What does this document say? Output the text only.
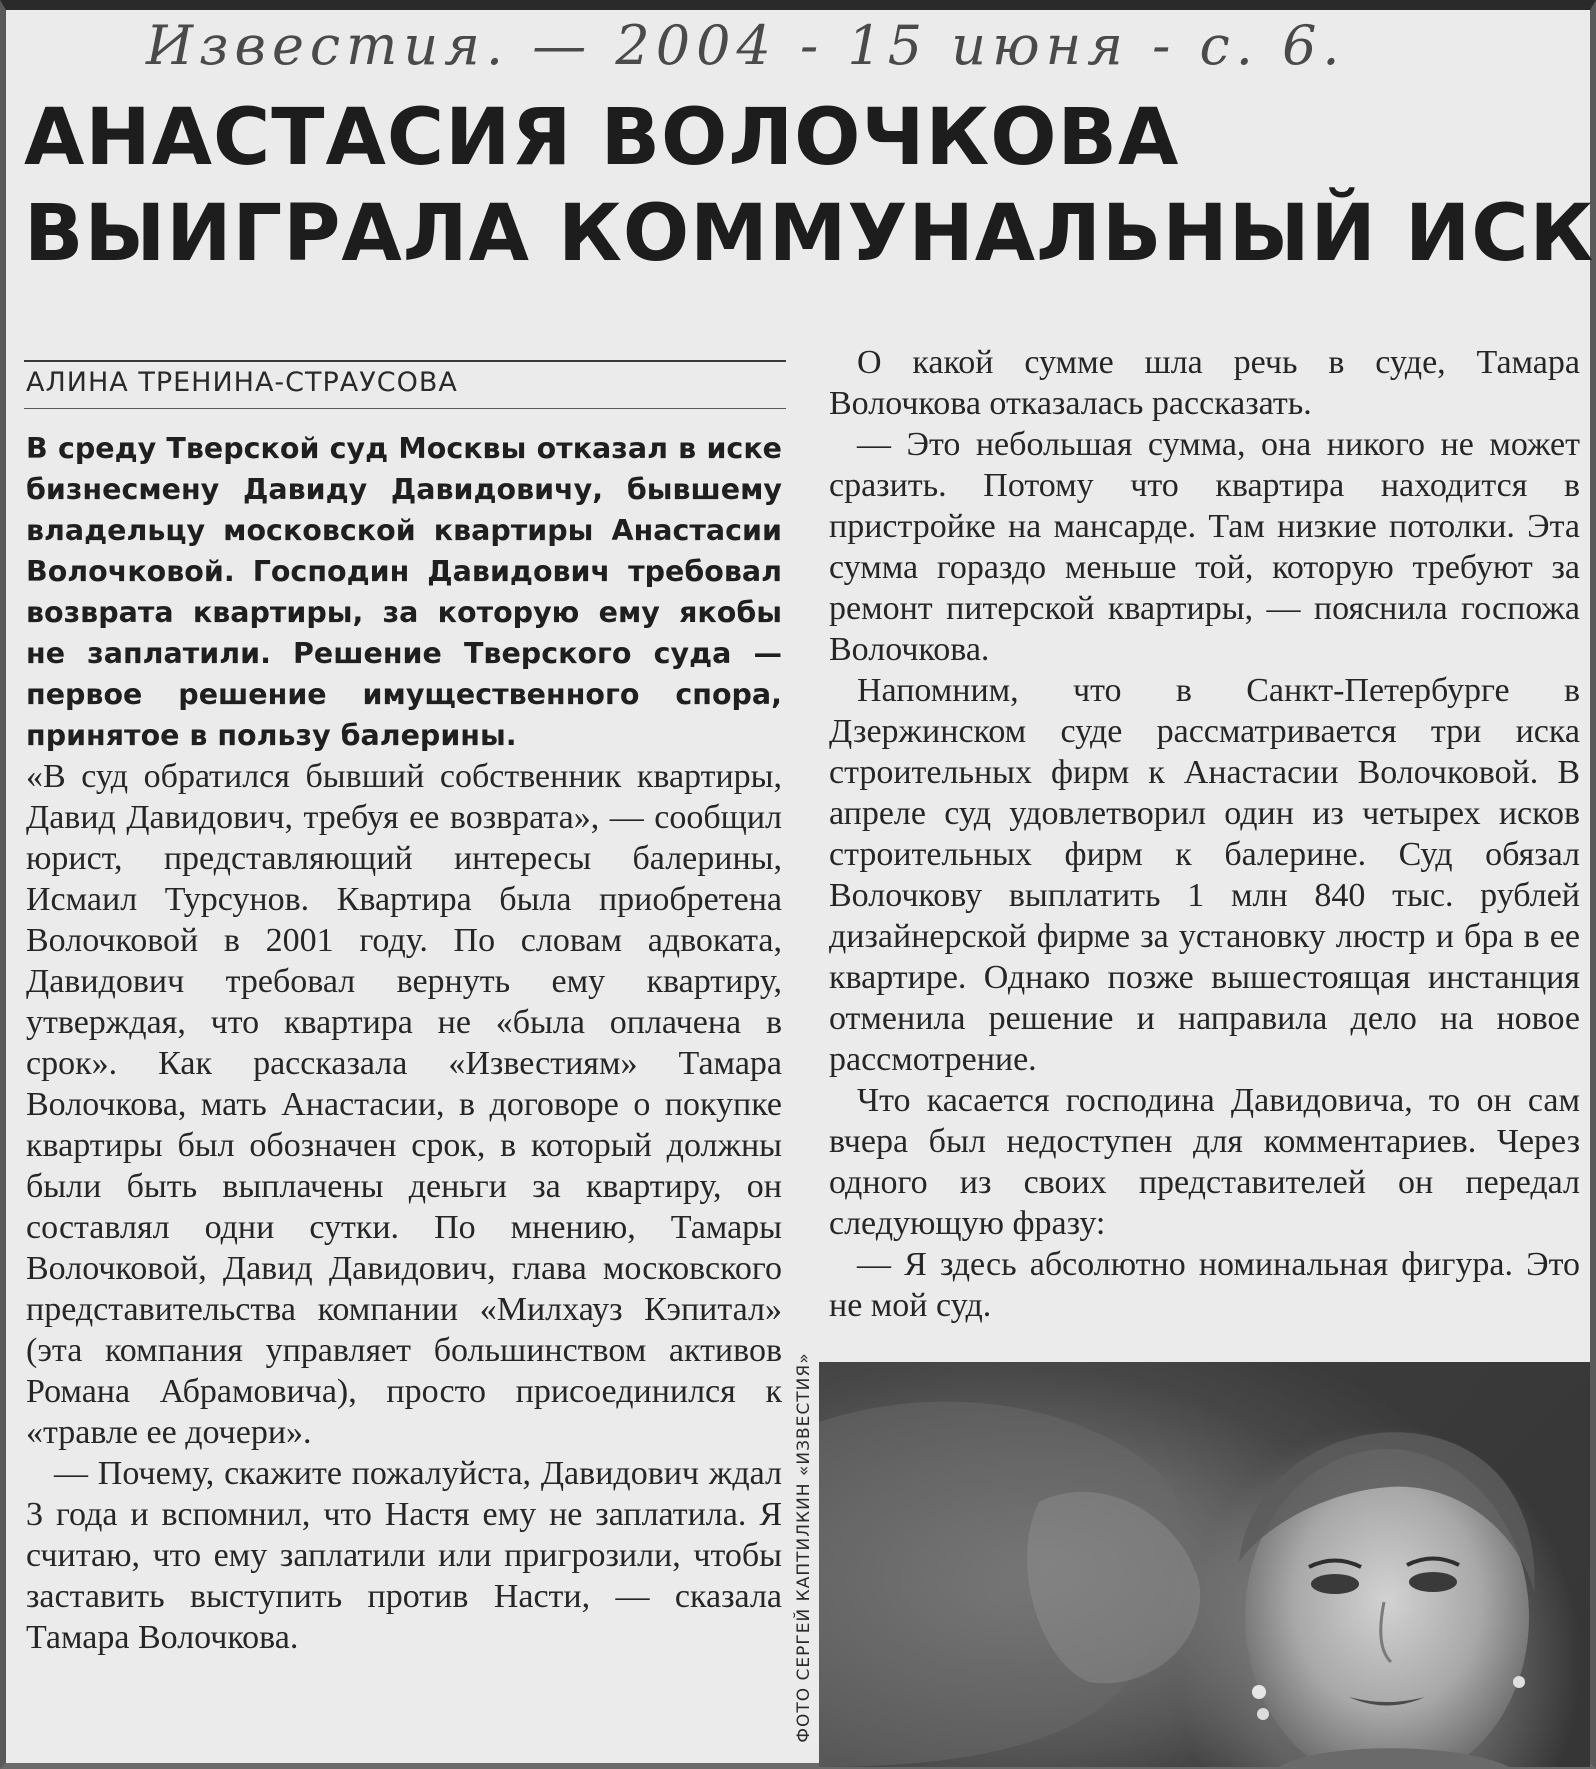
Известия. — 2004 - 15 июня - с. 6.
АНАСТАСИЯ ВОЛОЧКОВА
ВЫИГРАЛА КОММУНАЛЬНЫЙ ИСК
АЛИНА ТРЕНИНА-СТРАУСОВА

В среду Тверской суд Москвы отказал в иске бизнесмену Давиду Давидовичу, бывшему владельцу московской квартиры Анастасии Волочковой. Господин Давидович требовал возврата квартиры, за которую ему якобы не заплатили. Решение Тверского суда — первое решение имущественного спора, принятое в пользу балерины.

«В суд обратился бывший собственник квартиры, Давид Давидович, требуя ее возврата», — сообщил юрист, представляющий интересы балерины, Исмаил Турсунов. Квартира была приобретена Волочковой в 2001 году. По словам адвоката, Давидович требовал вернуть ему квартиру, утверждая, что квартира не «была оплачена в срок». Как рассказала «Известиям» Тамара Волочкова, мать Анастасии, в договоре о покупке квартиры был обозначен срок, в который должны были быть выплачены деньги за квартиру, он составлял одни сутки. По мнению, Тамары Волочковой, Давид Давидович, глава московского представительства компании «Милхауз Кэпитал» (эта компания управляет большинством активов Романа Абрамовича), просто присоединился к «травле ее дочери».

— Почему, скажите пожалуйста, Давидович ждал 3 года и вспомнил, что Настя ему не заплатила. Я считаю, что ему заплатили или пригрозили, чтобы заставить выступить против Насти, — сказала Тамара Волочкова.

О какой сумме шла речь в суде, Тамара Волочкова отказалась рассказать.

— Это небольшая сумма, она никого не может сразить. Потому что квартира находится в пристройке на мансарде. Там низкие потолки. Эта сумма гораздо меньше той, которую требуют за ремонт питерской квартиры, — пояснила госпожа Волочкова.

Напомним, что в Санкт-Петербурге в Дзержинском суде рассматривается три иска строительных фирм к Анастасии Волочковой. В апреле суд удовлетворил один из четырех исков строительных фирм к балерине. Суд обязал Волочкову выплатить 1 млн 840 тыс. рублей дизайнерской фирме за установку люстр и бра в ее квартире. Однако позже вышестоящая инстанция отменила решение и направила дело на новое рассмотрение.

Что касается господина Давидовича, то он сам вчера был недоступен для комментариев. Через одного из своих представителей он передал следующую фразу:

— Я здесь абсолютно номинальная фигура. Это не мой суд.

ФОТО СЕРГЕЙ КАПТИЛКИН «ИЗВЕСТИЯ»
